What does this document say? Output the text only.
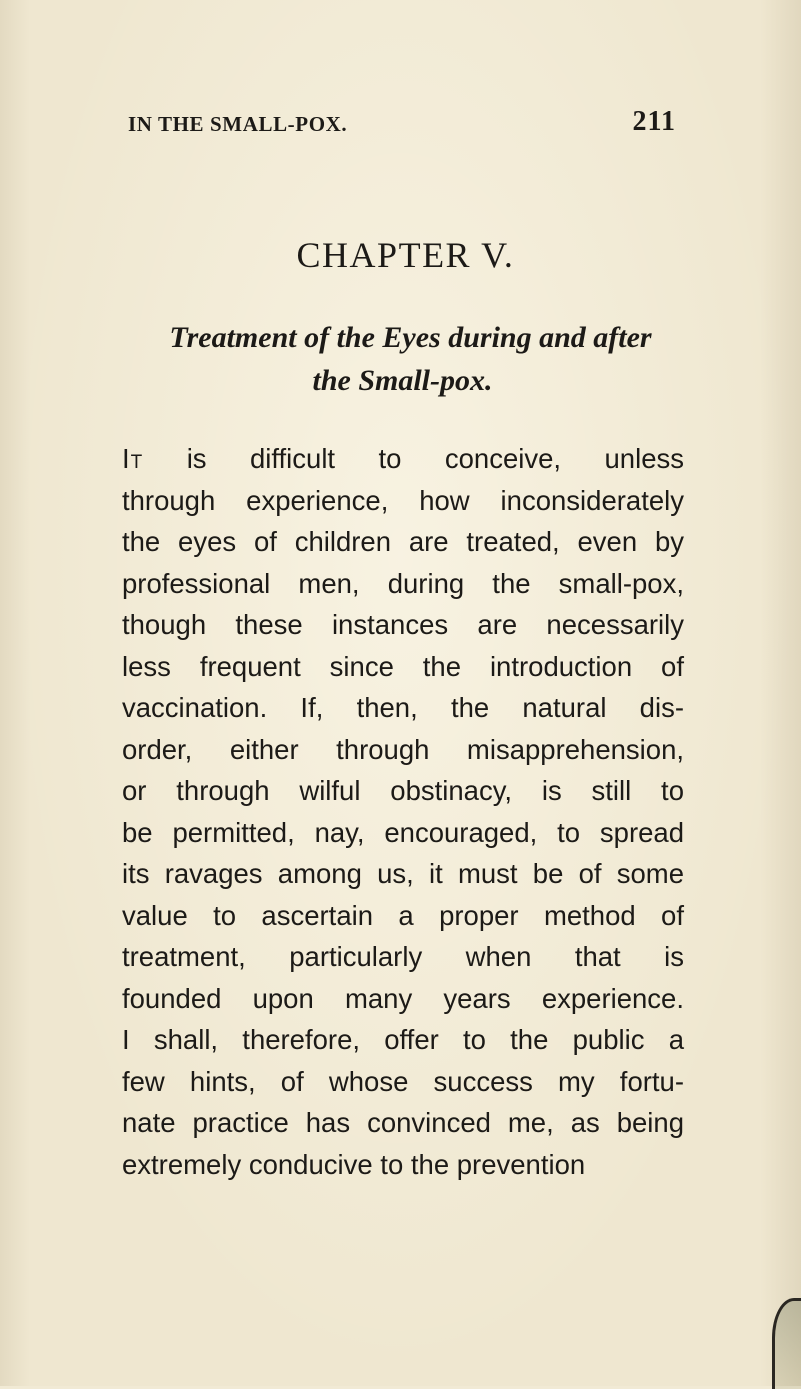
IN THE SMALL-POX.	211
CHAPTER V.
Treatment of the Eyes during and after
the Small-pox.
It is difficult to conceive, unless
through experience, how inconsiderately
the eyes of children are treated, even by
professional men, during the small-pox,
though these instances are necessarily
less frequent since the introduction of
vaccination. If, then, the natural dis-
order, either through misapprehension,
or through wilful obstinacy, is still to
be permitted, nay, encouraged, to spread
its ravages among us, it must be of some
value to ascertain a proper method of
treatment, particularly when that is
founded upon many years experience.
I shall, therefore, offer to the public a
few hints, of whose success my fortu-
nate practice has convinced me, as being
extremely conducive to the prevention
